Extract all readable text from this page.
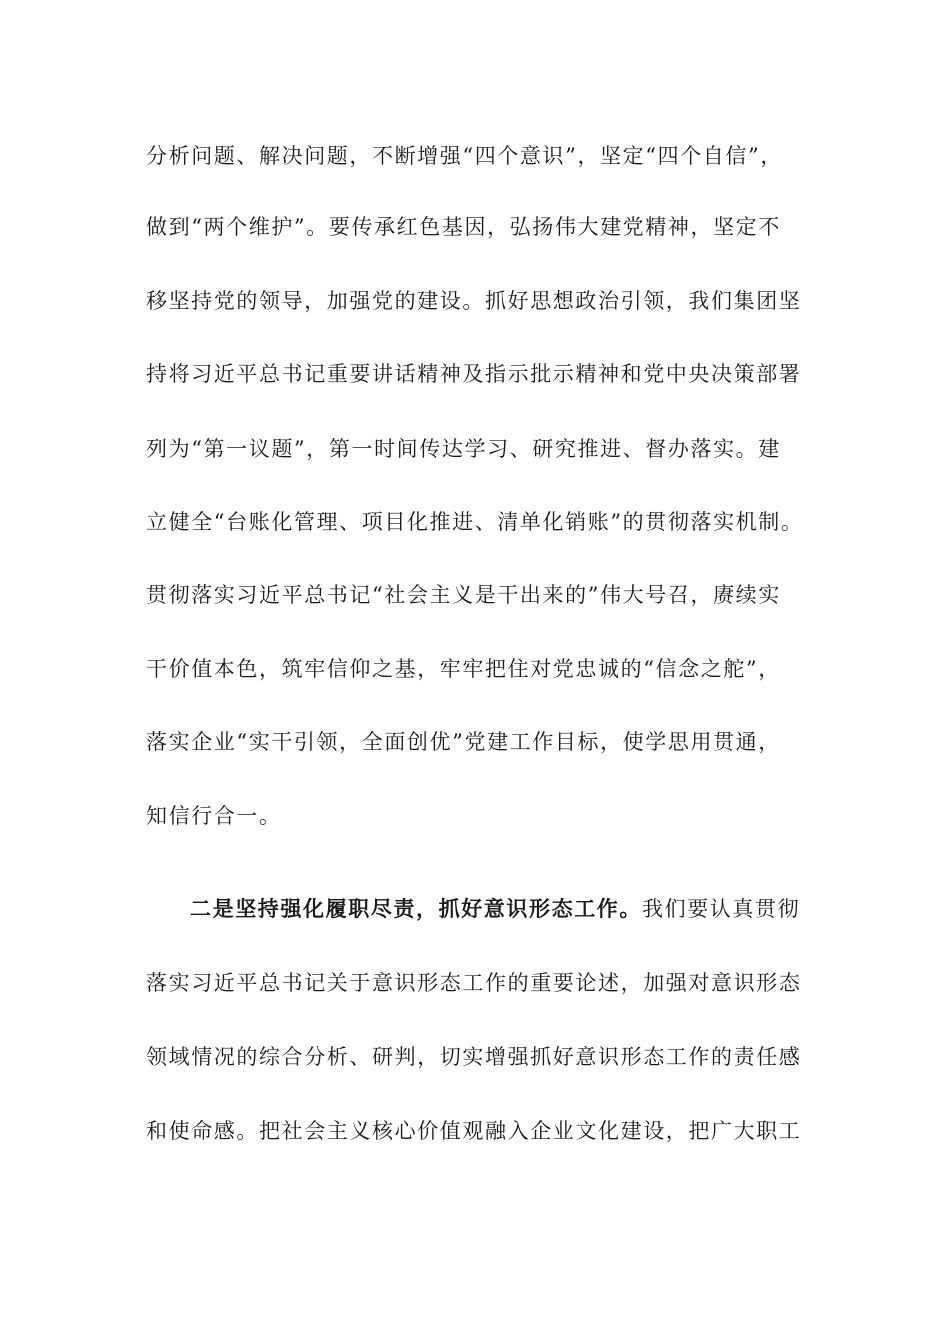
分析问题、解决问题，不断增强“四个意识”，坚定“四个自信”，
做到“两个维护”。要传承红色基因，弘扬伟大建党精神，坚定不
移坚持党的领导，加强党的建设。抓好思想政治引领，我们集团坚
持将习近平总书记重要讲话精神及指示批示精神和党中央决策部署
列为“第一议题”，第一时间传达学习、研究推进、督办落实。建
立健全“台账化管理、项目化推进、清单化销账”的贯彻落实机制。
贯彻落实习近平总书记“社会主义是干出来的”伟大号召，赓续实
干价值本色，筑牢信仰之基，牢牢把住对党忠诚的“信念之舵”，
落实企业“实干引领，全面创优”党建工作目标，使学思用贯通，
知信行合一。
二是坚持强化履职尽责，抓好意识形态工作。我们要认真贯彻
落实习近平总书记关于意识形态工作的重要论述，加强对意识形态
领域情况的综合分析、研判，切实增强抓好意识形态工作的责任感
和使命感。把社会主义核心价值观融入企业文化建设，把广大职工
